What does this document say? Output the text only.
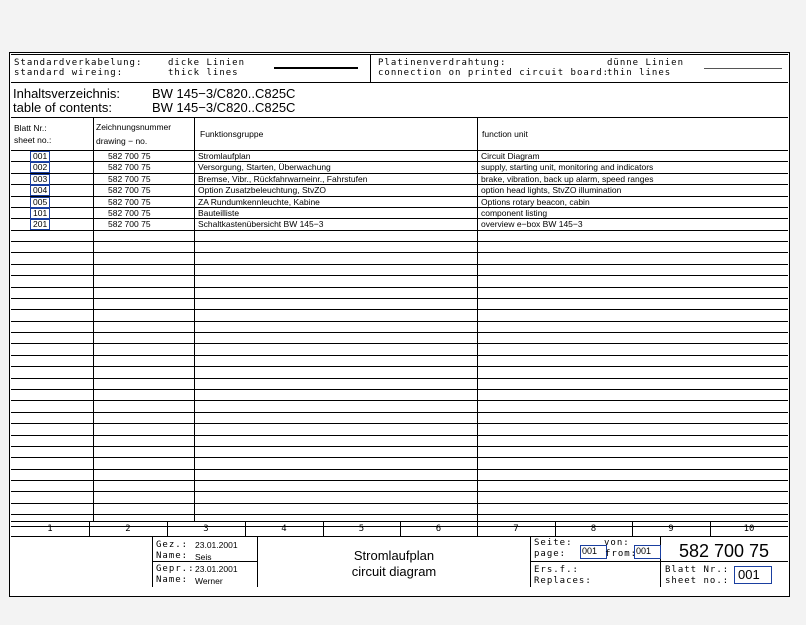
Standardverkabelung:
standard wireing:
dicke Linien
thick lines
Platinenverdrahtung:
connection on printed circuit board:
dünne Linien
thin lines
Inhaltsverzeichnis:
table of contents:
BW 145−3/C820..C825C
BW 145−3/C820..C825C
Blatt Nr.:
sheet no.:
Zeichnungsnummer
drawing − no.
Funktionsgruppe	function unit
001	582 700 75	Stromlaufplan	Circuit Diagram
002	582 700 75	Versorgung, Starten, Überwachung	supply, starting unit, monitoring and indicators
003	582 700 75	Bremse, Vibr., Rückfahrwarneinr., Fahrstufen	brake, vibration, back up alarm, speed ranges
004	582 700 75	Option Zusatzbeleuchtung, StvZO	option head lights, StvZO illumination
005	582 700 75	ZA Rundumkennleuchte, Kabine	Options rotary beacon, cabin
101	582 700 75	Bauteilliste	component listing
201	582 700 75	Schaltkastenübersicht BW 145−3	overview e−box BW 145−3
1	2	3	4	5	6	7	8	9	10
Gez.: 23.01.2001
Name: Seis
Gepr.: 23.01.2001
Name: Werner
Stromlaufplan
circuit diagram
Seite:
page: 001
von:
from:
001
Ers.f.:
Replaces:
582 700 75
Blatt Nr.:
sheet no.: 001
